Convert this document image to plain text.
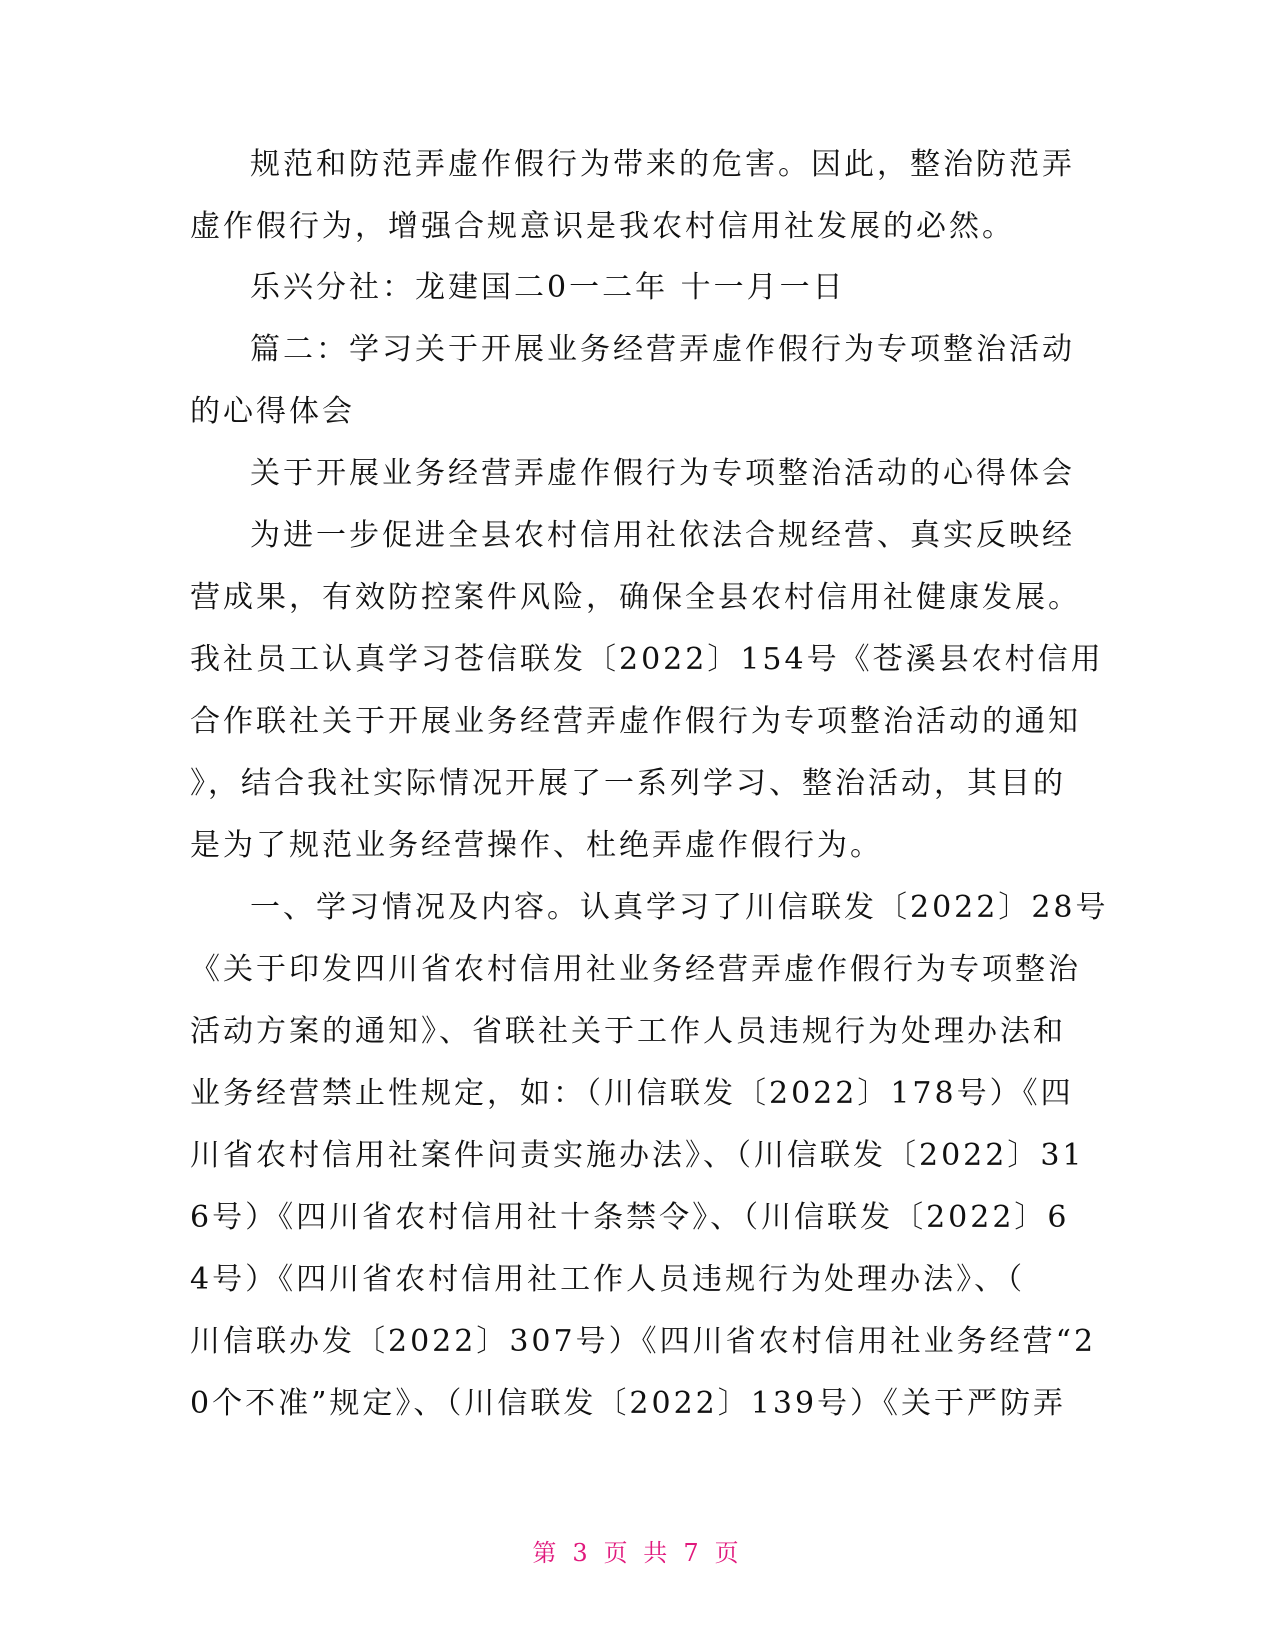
规范和防范弄虚作假行为带来的危害。因此，整治防范弄
虚作假行为，增强合规意识是我农村信用社发展的必然。
乐兴分社：龙建国二0一二年 十一月一日
篇二：学习关于开展业务经营弄虚作假行为专项整治活动
的心得体会
关于开展业务经营弄虚作假行为专项整治活动的心得体会
为进一步促进全县农村信用社依法合规经营、真实反映经
营成果，有效防控案件风险，确保全县农村信用社健康发展。
我社员工认真学习苍信联发〔2022〕154号《苍溪县农村信用
合作联社关于开展业务经营弄虚作假行为专项整治活动的通知
》，结合我社实际情况开展了一系列学习、整治活动，其目的
是为了规范业务经营操作、杜绝弄虚作假行为。
一、学习情况及内容。认真学习了川信联发〔2022〕28号
《关于印发四川省农村信用社业务经营弄虚作假行为专项整治
活动方案的通知》、省联社关于工作人员违规行为处理办法和
业务经营禁止性规定，如：（川信联发〔2022〕178号）《四
川省农村信用社案件问责实施办法》、（川信联发〔2022〕31
6号）《四川省农村信用社十条禁令》、（川信联发〔2022〕6
4号）《四川省农村信用社工作人员违规行为处理办法》、（
川信联办发〔2022〕307号）《四川省农村信用社业务经营“2
0个不准”规定》、（川信联发〔2022〕139号）《关于严防弄
第 3 页 共 7 页
